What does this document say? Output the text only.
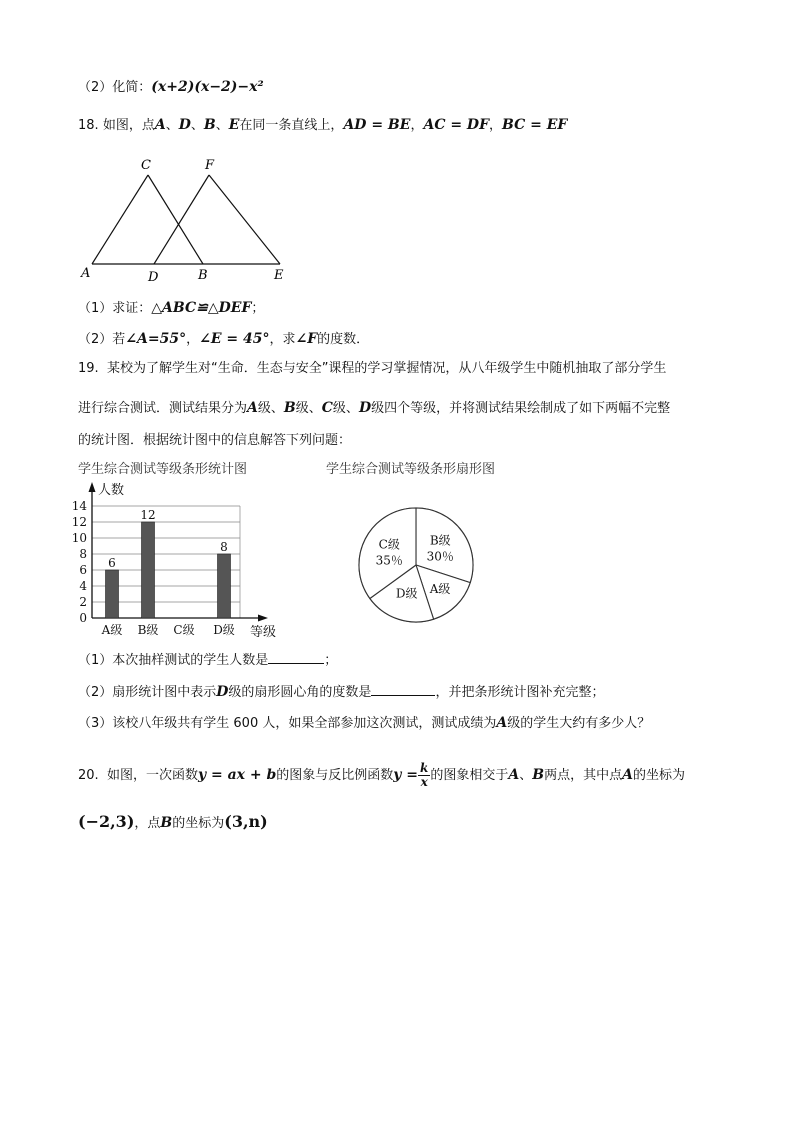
（2）化简：(x+2)(x−2)−x²
18. 如图，点A、D、B、E在同一条直线上，AD = BE，AC = DF，BC = EF
C	F
A	D	B	E
（1）求证：△ABC≌△DEF；
（2）若∠A=55°，∠E = 45°，求∠F的度数．
19. 某校为了解学生对“生命．生态与安全”课程的学习掌握情况，从八年级学生中随机抽取了部分学生
进行综合测试．测试结果分为A级、B级、C级、D级四个等级，并将测试结果绘制成了如下两幅不完整
的统计图．根据统计图中的信息解答下列问题：
学生综合测试等级条形统计图	学生综合测试等级条形扇形图
0
2
4
6
8
10
12
14
人数
等级
A级
6
B级
12
C级 D级
8	B级
30％
A级
D级
C级
35％
（1）本次抽样测试的学生人数是	；
（2）扇形统计图中表示D级的扇形圆心角的度数是	，并把条形统计图补充完整；
（3）该校八年级共有学生 600 人，如果全部参加这次测试，测试成绩为A级的学生大约有多少人？
20. 如图，一次函数y = ax + b的图象与反比例函数$y = \frac{k}{x}$ 的图象相交于A、B两点，其中点A的坐标为
(−2,3)，点B的坐标为(3,n)
